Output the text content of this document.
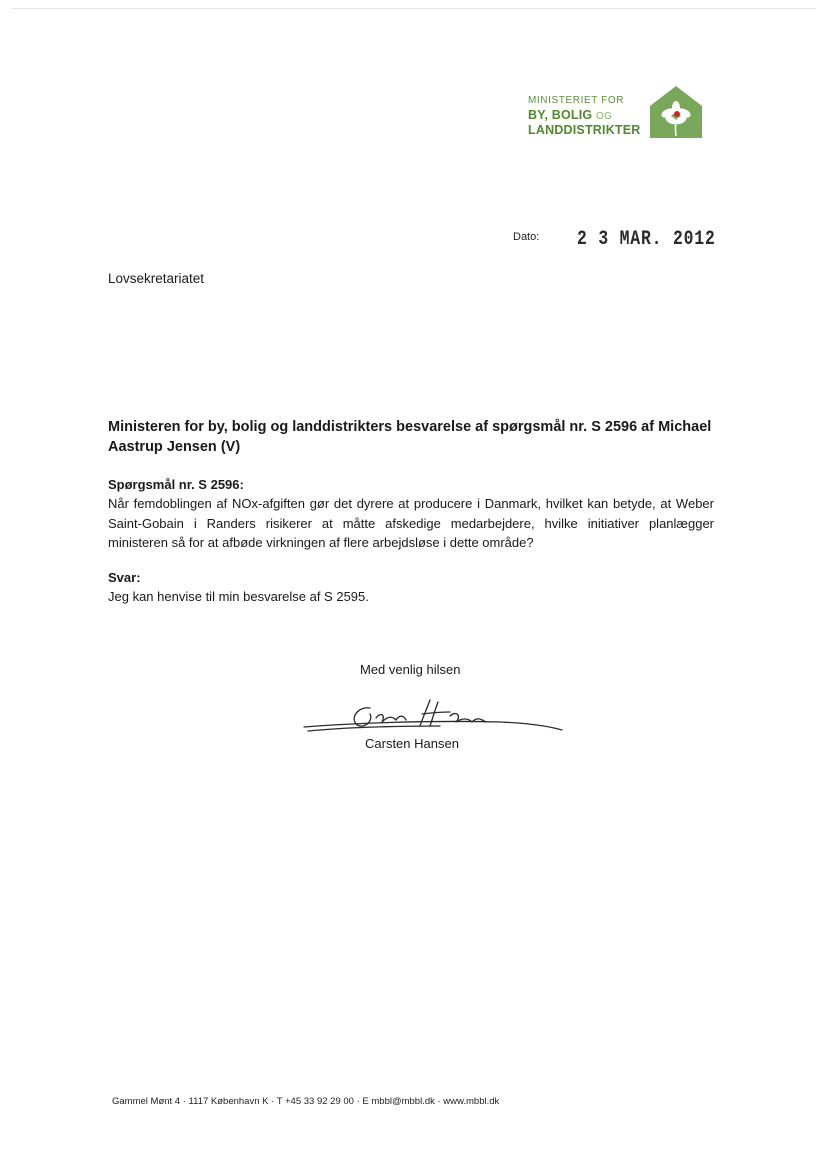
MINISTERIET FOR
BY, BOLIG OG
LANDDISTRIKTER
Dato: 2 3 MAR. 2012
Lovsekretariatet
Ministeren for by, bolig og landdistrikters besvarelse af spørgsmål nr. S 2596 af Michael Aastrup Jensen (V)
Spørgsmål nr. S 2596:
Når femdoblingen af NOx-afgiften gør det dyrere at producere i Danmark, hvilket kan betyde, at Weber Saint-Gobain i Randers risikerer at måtte afskedige medarbejdere, hvilke initiativer planlægger ministeren så for at afbøde virkningen af flere arbejdsløse i dette område?
Svar:
Jeg kan henvise til min besvarelse af S 2595.
Med venlig hilsen
Carsten Hansen
Gammel Mønt 4 · 1117 København K · T +45 33 92 29 00 · E mbbl@mbbl.dk · www.mbbl.dk
